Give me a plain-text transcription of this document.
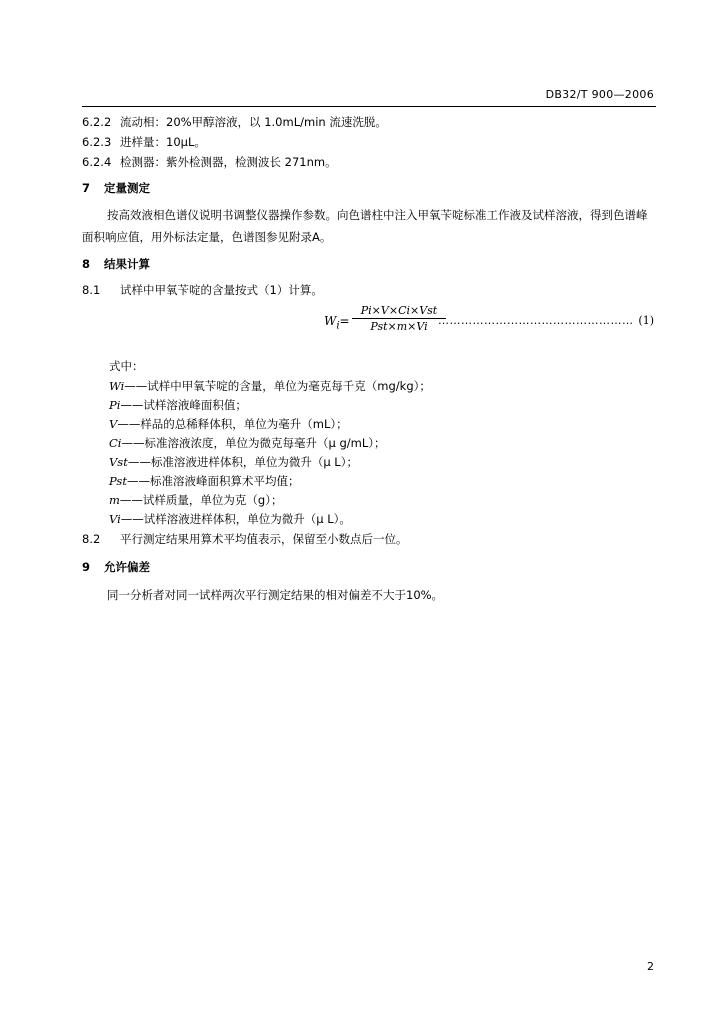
DB32/T 900—2006
6.2.2 流动相：20%甲醇溶液，以 1.0mL/min 流速洗脱。
6.2.3 进样量：10μL。
6.2.4 检测器：紫外检测器，检测波长 271nm。
7 定量测定
按高效液相色谱仪说明书调整仪器操作参数。向色谱柱中注入甲氧苄啶标准工作液及试样溶液，得到色谱峰面积响应值，用外标法定量，色谱图参见附录A。
8 结果计算
8.1 试样中甲氧苄啶的含量按式（1）计算。
$W_i=$
Pi×V×Ci×Vst
Pst×m×Vi …………………………………………… (1)
式中：
Wi——试样中甲氧苄啶的含量，单位为毫克每千克（mg/kg）；
Pi——试样溶液峰面积值；
V——样品的总稀释体积，单位为毫升（mL）；
Ci——标准溶液浓度，单位为微克每毫升（μ g/mL）；
Vst——标准溶液进样体积，单位为微升（μ L）；
Pst——标准溶液峰面积算术平均值；
m——试样质量，单位为克（g）；
Vi——试样溶液进样体积，单位为微升（μ L）。
8.2 平行测定结果用算术平均值表示，保留至小数点后一位。
9 允许偏差
同一分析者对同一试样两次平行测定结果的相对偏差不大于10%。
2
